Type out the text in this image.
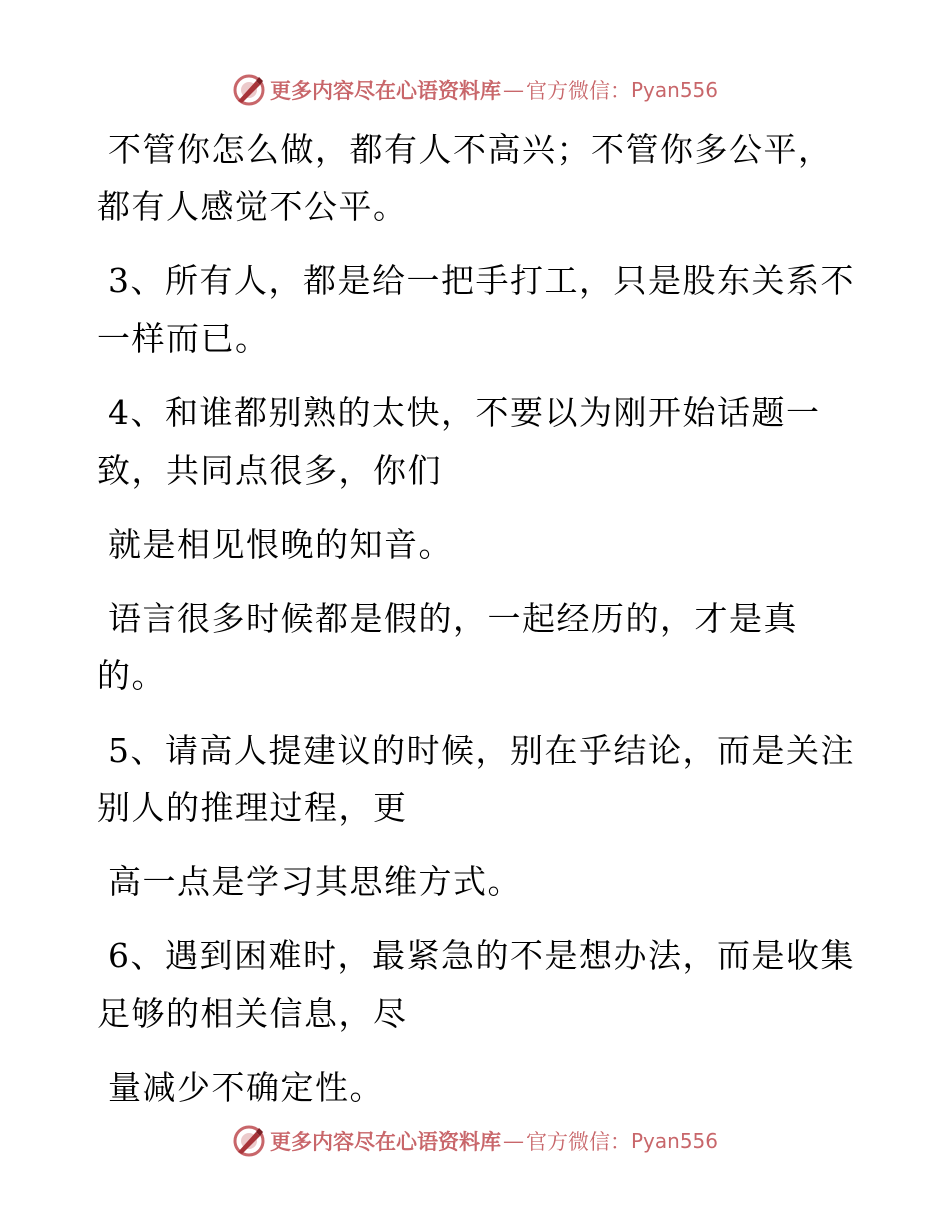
更多内容尽在心语资料库 — 官方微信： Pyan556
不管你怎么做，都有人不高兴；不管你多公平，
都有人感觉不公平。
3、所有人，都是给一把手打工，只是股东关系不
一样而已。
4、和谁都别熟的太快，不要以为刚开始话题一
致，共同点很多，你们
就是相见恨晚的知音。
语言很多时候都是假的，一起经历的，才是真
的。
5、请高人提建议的时候，别在乎结论，而是关注
别人的推理过程，更
高一点是学习其思维方式。
6、遇到困难时，最紧急的不是想办法，而是收集
足够的相关信息，尽
量减少不确定性。
更多内容尽在心语资料库 — 官方微信： Pyan556
